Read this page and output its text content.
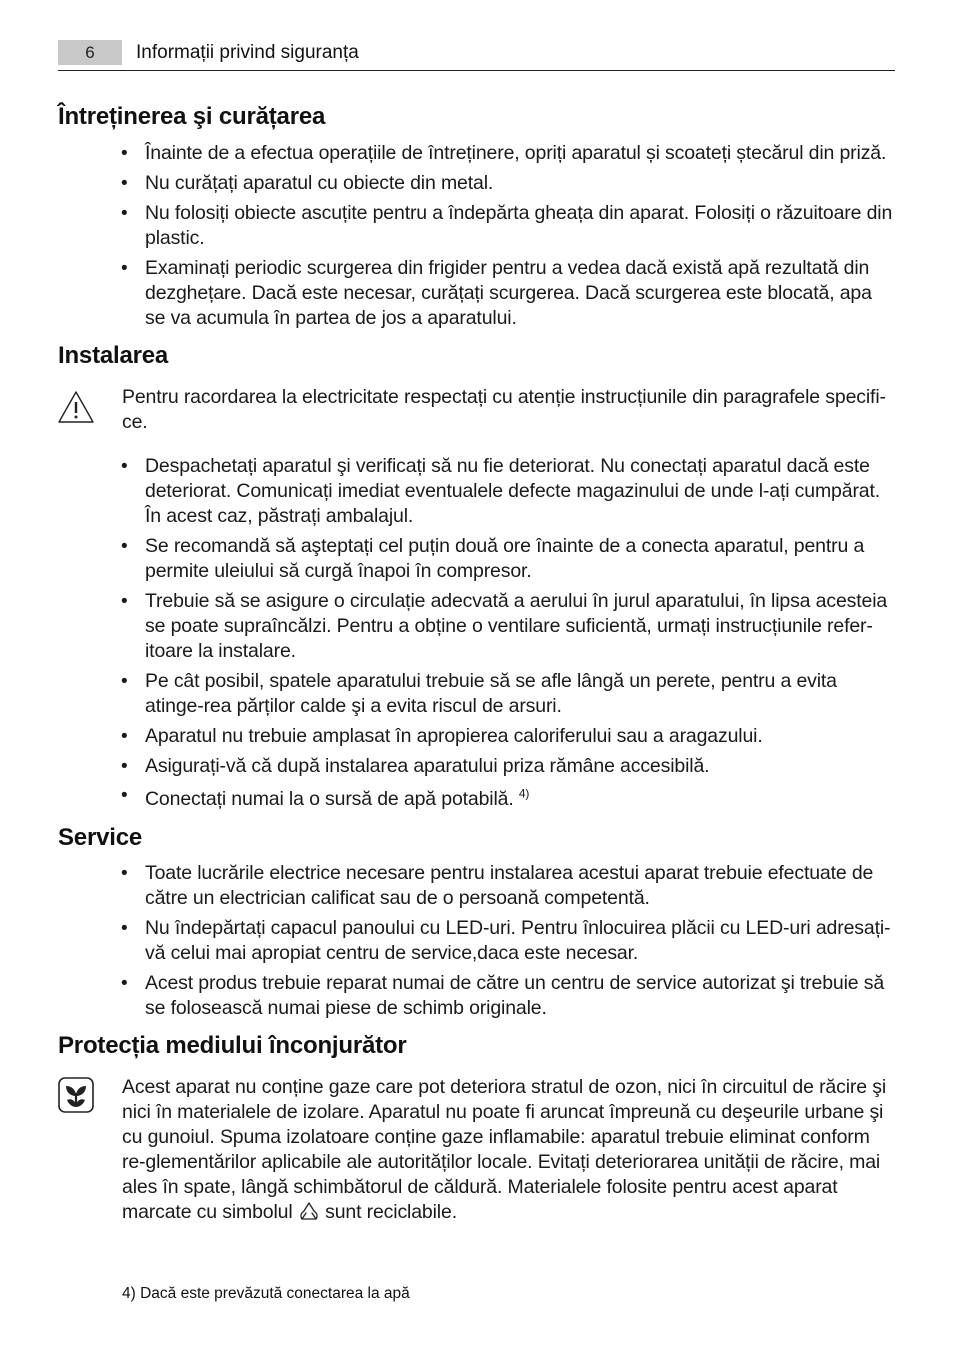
6	Informații privind siguranța
Întreținerea şi curățarea
• Înainte de a efectua operațiile de întreținere, opriți aparatul și scoateți ștecărul din priză.
• Nu curățați aparatul cu obiecte din metal.
• Nu folosiți obiecte ascuțite pentru a îndepărta gheața din aparat. Folosiți o răzuitoare din plastic.
• Examinați periodic scurgerea din frigider pentru a vedea dacă există apă rezultată din dezghețare. Dacă este necesar, curățați scurgerea. Dacă scurgerea este blocată, apa se va acumula în partea de jos a aparatului.
Instalarea

Pentru racordarea la electricitate respectați cu atenție instrucțiunile din paragrafele specifi-ce.

• Despachetați aparatul şi verificați să nu fie deteriorat. Nu conectați aparatul dacă este deteriorat. Comunicați imediat eventualele defecte magazinului de unde l-ați cumpărat. În acest caz, păstrați ambalajul.
• Se recomandă să aşteptați cel puțin două ore înainte de a conecta aparatul, pentru a permite uleiului să curgă înapoi în compresor.
• Trebuie să se asigure o circulație adecvată a aerului în jurul aparatului, în lipsa acesteia se poate supraîncălzi. Pentru a obține o ventilare suficientă, urmați instrucțiunile refer-itoare la instalare.
• Pe cât posibil, spatele aparatului trebuie să se afle lângă un perete, pentru a evita atinge-rea părților calde şi a evita riscul de arsuri.
• Aparatul nu trebuie amplasat în apropierea caloriferului sau a aragazului.
• Asigurați-vă că după instalarea aparatului priza rămâne accesibilă.
• Conectați numai la o sursă de apă potabilă. $^{4)}$
Service
• Toate lucrările electrice necesare pentru instalarea acestui aparat trebuie efectuate de către un electrician calificat sau de o persoană competentă.
• Nu îndepărtați capacul panoului cu LED-uri. Pentru înlocuirea plăcii cu LED-uri adresați-vă celui mai apropiat centru de service,daca este necesar.
• Acest produs trebuie reparat numai de către un centru de service autorizat şi trebuie să se folosească numai piese de schimb originale.
Protecția mediului înconjurător

Acest aparat nu conține gaze care pot deteriora stratul de ozon, nici în circuitul de răcire şi nici în materialele de izolare. Aparatul nu poate fi aruncat împreună cu deşeurile urbane şi cu gunoiul. Spuma izolatoare conține gaze inflamabile: aparatul trebuie eliminat conform re-glementărilor aplicabile ale autorităților locale. Evitați deteriorarea unității de răcire, mai ales în spate, lângă schimbătorul de căldură. Materialele folosite pentru acest aparat marcate cu simbolul sunt reciclabile.

4) Dacă este prevăzută conectarea la apă
